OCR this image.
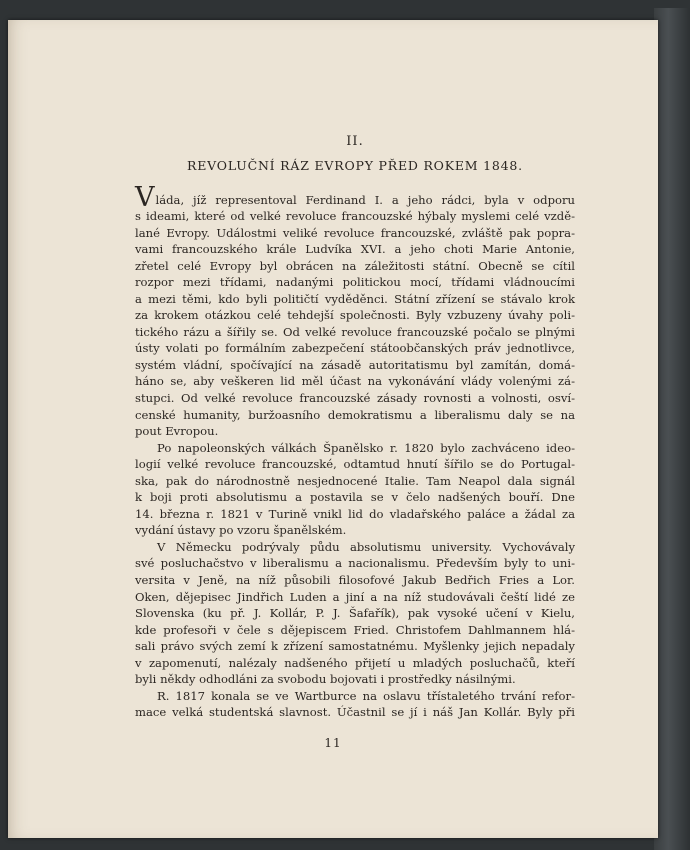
II.
REVOLUČNÍ RÁZ EVROPY PŘED ROKEM 1848.
Vláda, jíž representoval Ferdinand I. a jeho rádci, byla v odporu
s ideami, které od velké revoluce francouzské hýbaly myslemi celé vzdě-
lané Evropy. Událostmi veliké revoluce francouzské, zvláště pak popra-
vami francouzského krále Ludvíka XVI. a jeho choti Marie Antonie,
zřetel celé Evropy byl obrácen na záležitosti státní. Obecně se cítil
rozpor mezi třídami, nadanými politickou mocí, třídami vládnoucími
a mezi těmi, kdo byli političtí vyděděnci. Státní zřízení se stávalo krok
za krokem otázkou celé tehdejší společnosti. Byly vzbuzeny úvahy poli-
tického rázu a šířily se. Od velké revoluce francouzské počalo se plnými
ústy volati po formálním zabezpečení státoobčanských práv jednotlivce,
systém vládní, spočívající na zásadě autoritatismu byl zamítán, domá-
háno se, aby veškeren lid měl účast na vykonávání vlády volenými zá-
stupci. Od velké revoluce francouzské zásady rovnosti a volnosti, osví-
censké humanity, buržoasního demokratismu a liberalismu daly se na
pout Evropou.
Po napoleonských válkách Španělsko r. 1820 bylo zachváceno ideo-
logií velké revoluce francouzské, odtamtud hnutí šířilo se do Portugal-
ska, pak do národnostně nesjednocené Italie. Tam Neapol dala signál
k boji proti absolutismu a postavila se v čelo nadšených bouří. Dne
14. března r. 1821 v Turině vnikl lid do vladařského paláce a žádal za
vydání ústavy po vzoru španělském.
V Německu podrývaly půdu absolutismu university. Vychovávaly
své posluchačstvo v liberalismu a nacionalismu. Především byly to uni-
versita v Jeně, na níž působili filosofové Jakub Bedřich Fries a Lor.
Oken, dějepisec Jindřich Luden a jiní a na níž studovávali čeští lidé ze
Slovenska (ku př. J. Kollár, P. J. Šafařík), pak vysoké učení v Kielu,
kde profesoři v čele s dějepiscem Fried. Christofem Dahlmannem hlá-
sali právo svých zemí k zřízení samostatnému. Myšlenky jejich nepadaly
v zapomenutí, nalézaly nadšeného přijetí u mladých posluchačů, kteří
byli někdy odhodláni za svobodu bojovati i prostředky násilnými.
R. 1817 konala se ve Wartburce na oslavu třístaletého trvání refor-
mace velká studentská slavnost. Účastnil se jí i náš Jan Kollár. Byly při
11
